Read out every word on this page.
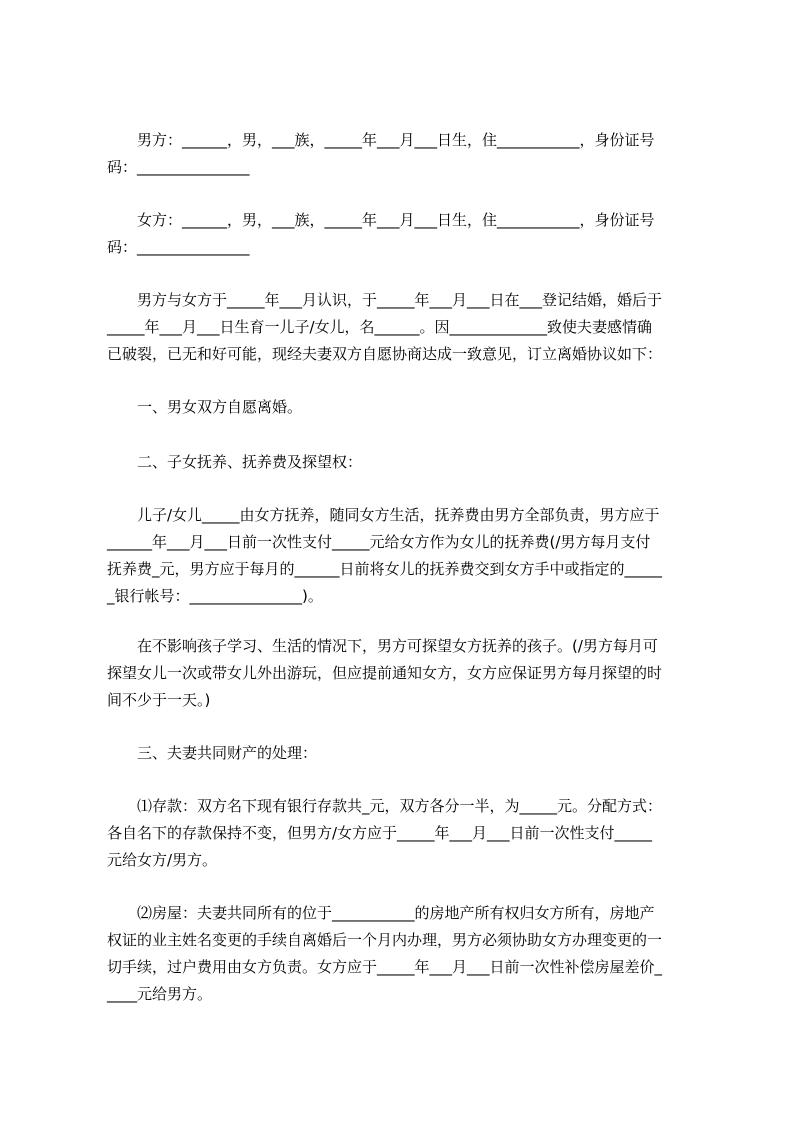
男方：______，男，___族，_____年___月___日生，住___________，身份证号
码：_______________
女方：______，男，___族，_____年___月___日生，住___________，身份证号
码：_______________
男方与女方于_____年___月认识，于_____年___月___日在___登记结婚，婚后于
_____年___月___日生育一儿子/女儿，名______。因_____________致使夫妻感情确
已破裂，已无和好可能，现经夫妻双方自愿协商达成一致意见，订立离婚协议如下：

一、男女双方自愿离婚。

二、子女抚养、抚养费及探望权：

儿子/女儿_____由女方抚养，随同女方生活，抚养费由男方全部负责，男方应于
______年___月___日前一次性支付_____元给女方作为女儿的抚养费(/男方每月支付
抚养费_元，男方应于每月的______日前将女儿的抚养费交到女方手中或指定的_____
_银行帐号：_______________)。
在不影响孩子学习、生活的情况下，男方可探望女方抚养的孩子。(/男方每月可
探望女儿一次或带女儿外出游玩，但应提前通知女方，女方应保证男方每月探望的时
间不少于一天。)

三、夫妻共同财产的处理：

⑴存款：双方名下现有银行存款共_元，双方各分一半，为_____元。分配方式：
各自名下的存款保持不变，但男方/女方应于_____年___月___日前一次性支付_____
元给女方/男方。
⑵房屋：夫妻共同所有的位于___________的房地产所有权归女方所有，房地产
权证的业主姓名变更的手续自离婚后一个月内办理，男方必须协助女方办理变更的一
切手续，过户费用由女方负责。女方应于_____年___月___日前一次性补偿房屋差价_
____元给男方。
